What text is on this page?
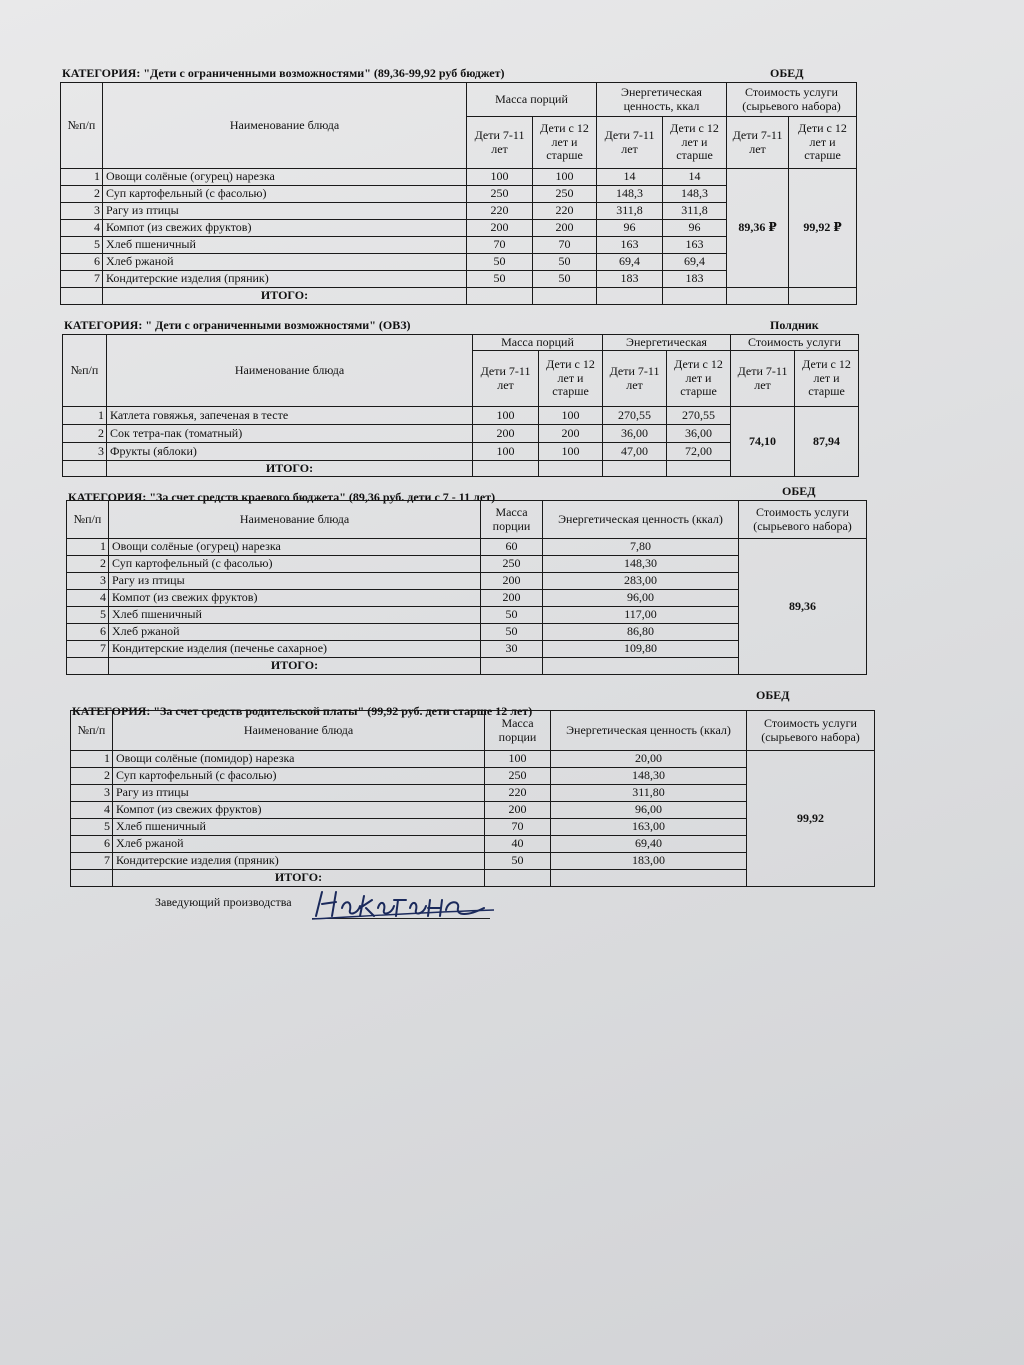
КАТЕГОРИЯ: "Дети с ограниченными возможностями" (89,36-99,92 руб бюджет)	ОБЕД
№п/п	Наименование блюда	Масса порций		Энергетическая ценность, ккал		Стоимость услуги (сырьевого набора)	
		Дети 7-11 лет	Дети с 12 лет и старше	Дети 7-11 лет	Дети с 12 лет и старше	Дети 7-11 лет	Дети с 12 лет и старше
1	Овощи солёные (огурец) нарезка	100	100	14	14	89,36 ₽	99,92 ₽
2	Суп картофельный (с фасолью)	250	250	148,3	148,3		
3	Рагу из птицы	220	220	311,8	311,8		
4	Компот (из свежих фруктов)	200	200	96	96		
5	Хлеб пшеничный	70	70	163	163		
6	Хлеб ржаной	50	50	69,4	69,4		
7	Кондитерские изделия (пряник)	50	50	183	183		
	ИТОГО:						
КАТЕГОРИЯ: " Дети с ограниченными возможностями" (ОВЗ)	Полдник
№п/п	Наименование блюда	Масса порций		Энергетическая		Стоимость услуги	
		Дети 7-11 лет	Дети с 12 лет и старше	Дети 7-11 лет	Дети с 12 лет и старше	Дети 7-11 лет	Дети с 12 лет и старше
1	Катлета говяжья, запеченая в тесте	100	100	270,55	270,55	74,10	87,94
2	Сок тетра-пак (томатный)	200	200	36,00	36,00		
3	Фрукты (яблоки)	100	100	47,00	72,00		
	ИТОГО:						
КАТЕГОРИЯ: "За счет средств краевого бюджета" (89,36 руб. дети с 7 - 11 лет)	ОБЕД
№п/п	Наименование блюда	Масса порции	Энергетическая ценность (ккал)	Стоимость услуги (сырьевого набора)
1	Овощи солёные (огурец) нарезка	60	7,80	89,36
2	Суп картофельный (с фасолью)	250	148,30	
3	Рагу из птицы	200	283,00	
4	Компот (из свежих фруктов)	200	96,00	
5	Хлеб пшеничный	50	117,00	
6	Хлеб ржаной	50	86,80	
7	Кондитерские изделия (печенье сахарное)	30	109,80	
	ИТОГО:			
КАТЕГОРИЯ: "За счет средств родительской платы" (99,92 руб. дети старше 12 лет)
ОБЕД
№п/п	Наименование блюда	Масса порции	Энергетическая ценность (ккал)	Стоимость услуги (сырьевого набора)
1	Овощи солёные (помидор) нарезка	100	20,00	99,92
2	Суп картофельный (с фасолью)	250	148,30	
3	Рагу из птицы	220	311,80	
4	Компот (из свежих фруктов)	200	96,00	
5	Хлеб пшеничный	70	163,00	
6	Хлеб ржаной	40	69,40	
7	Кондитерские изделия (пряник)	50	183,00	
	ИТОГО:			
Заведующий производства
